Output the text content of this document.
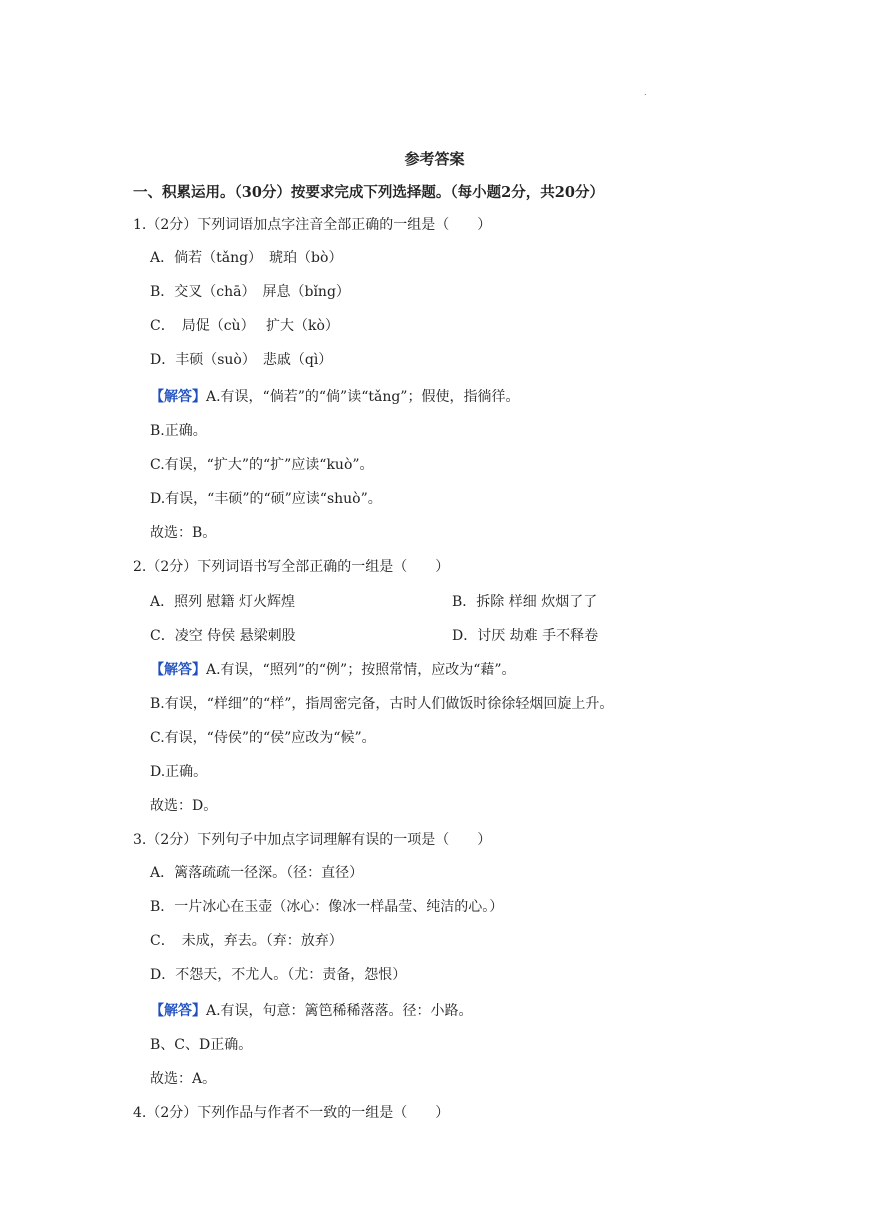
.
参考答案
一、积累运用。（30分）按要求完成下列选择题。（每小题2分，共20分）
1.（2分）下列词语加点字注音全部正确的一组是（　　）
A．倘若（tǎng）　琥珀（bò）
B．交叉（chā）　屏息（bǐng）
C．　局促（cù）　 扩大（kò）
D．丰硕（suò）　悲戚（qì）
【解答】A.有误，“倘若”的“倘”读“tǎng”；假使，指徜徉。
B.正确。
C.有误，“扩大”的“扩”应读“kuò”。
D.有误，“丰硕”的“硕”应读“shuò”。
故选：B。
2.（2分）下列词语书写全部正确的一组是（　　）
A．照列 慰籍 灯火辉煌	B．拆除 样细 炊烟了了
C．凌空 侍侯 悬梁刺股	D．讨厌 劫难 手不释卷
【解答】A.有误，“照列”的“例”；按照常情，应改为“藉”。
B.有误，“样细”的“样”，指周密完备，古时人们做饭时徐徐轻烟回旋上升。
C.有误，“侍侯”的“侯”应改为“候”。
D.正确。
故选：D。
3.（2分）下列句子中加点字词理解有误的一项是（　　）
A．篱落疏疏一径深。（径：直径）
B．一片冰心在玉壶（冰心：像冰一样晶莹、纯洁的心。）
C．　未成，弃去。（弃：放弃）
D．不怨天，不尤人。（尤：责备，怨恨）
【解答】A.有误，句意：篱笆稀稀落落。径：小路。
B、C、D正确。
故选：A。
4.（2分）下列作品与作者不一致的一组是（　　）
